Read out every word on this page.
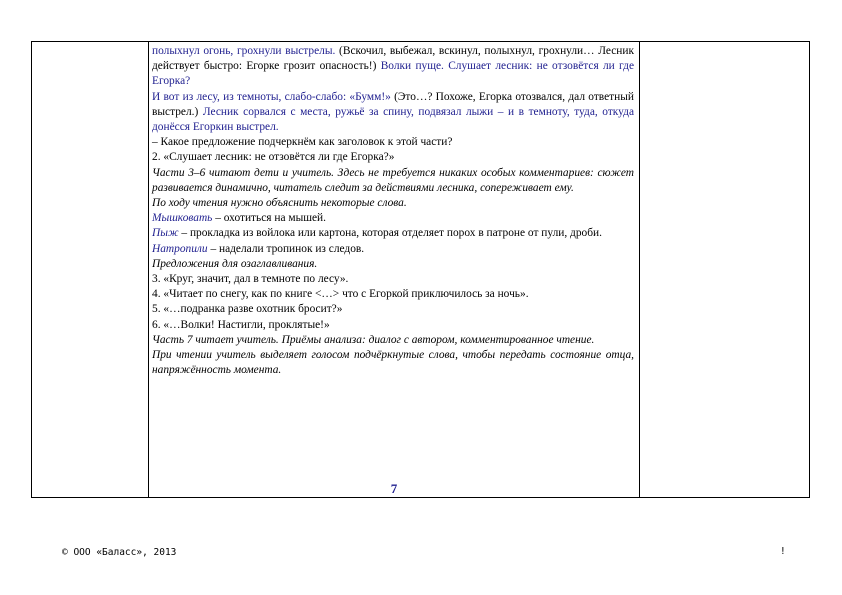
полыхнул огонь, грохнули выстрелы. (Вскочил, выбежал, вскинул, полыхнул, грохнули… Лесник действует быстро: Егорке грозит опасность!) Волки пуще. Слушает лесник: не отзовётся ли где Егорка?

И вот из лесу, из темноты, слабо-слабо: «Бумм!» (Это…? Похоже, Егорка отозвался, дал ответный выстрел.) Лесник сорвался с места, ружьё за спину, подвязал лыжи – и в темноту, туда, откуда донёсся Егоркин выстрел.

– Какое предложение подчеркнём как заголовок к этой части?

2. «Слушает лесник: не отзовётся ли где Егорка?»

Части 3–6 читают дети и учитель. Здесь не требуется никаких особых комментариев: сюжет развивается динамично, читатель следит за действиями лесника, сопереживает ему.

По ходу чтения нужно объяснить некоторые слова.

Мышковать – охотиться на мышей.

Пыж – прокладка из войлока или картона, которая отделяет порох в патроне от пули, дроби.

Натропили – наделали тропинок из следов.

Предложения для озаглавливания.

3. «Круг, значит, дал в темноте по лесу».

4. «Читает по снегу, как по книге <…> что с Егоркой приключилось за ночь».

5. «…подранка разве охотник бросит?»

6. «…Волки! Настигли, проклятые!»

Часть 7 читает учитель. Приёмы анализа: диалог с автором, комментированное чтение.

При чтении учитель выделяет голосом подчёркнутые слова, чтобы передать состояние отца, напряжённость момента.

7
© ООО «Баласс», 2013	!
